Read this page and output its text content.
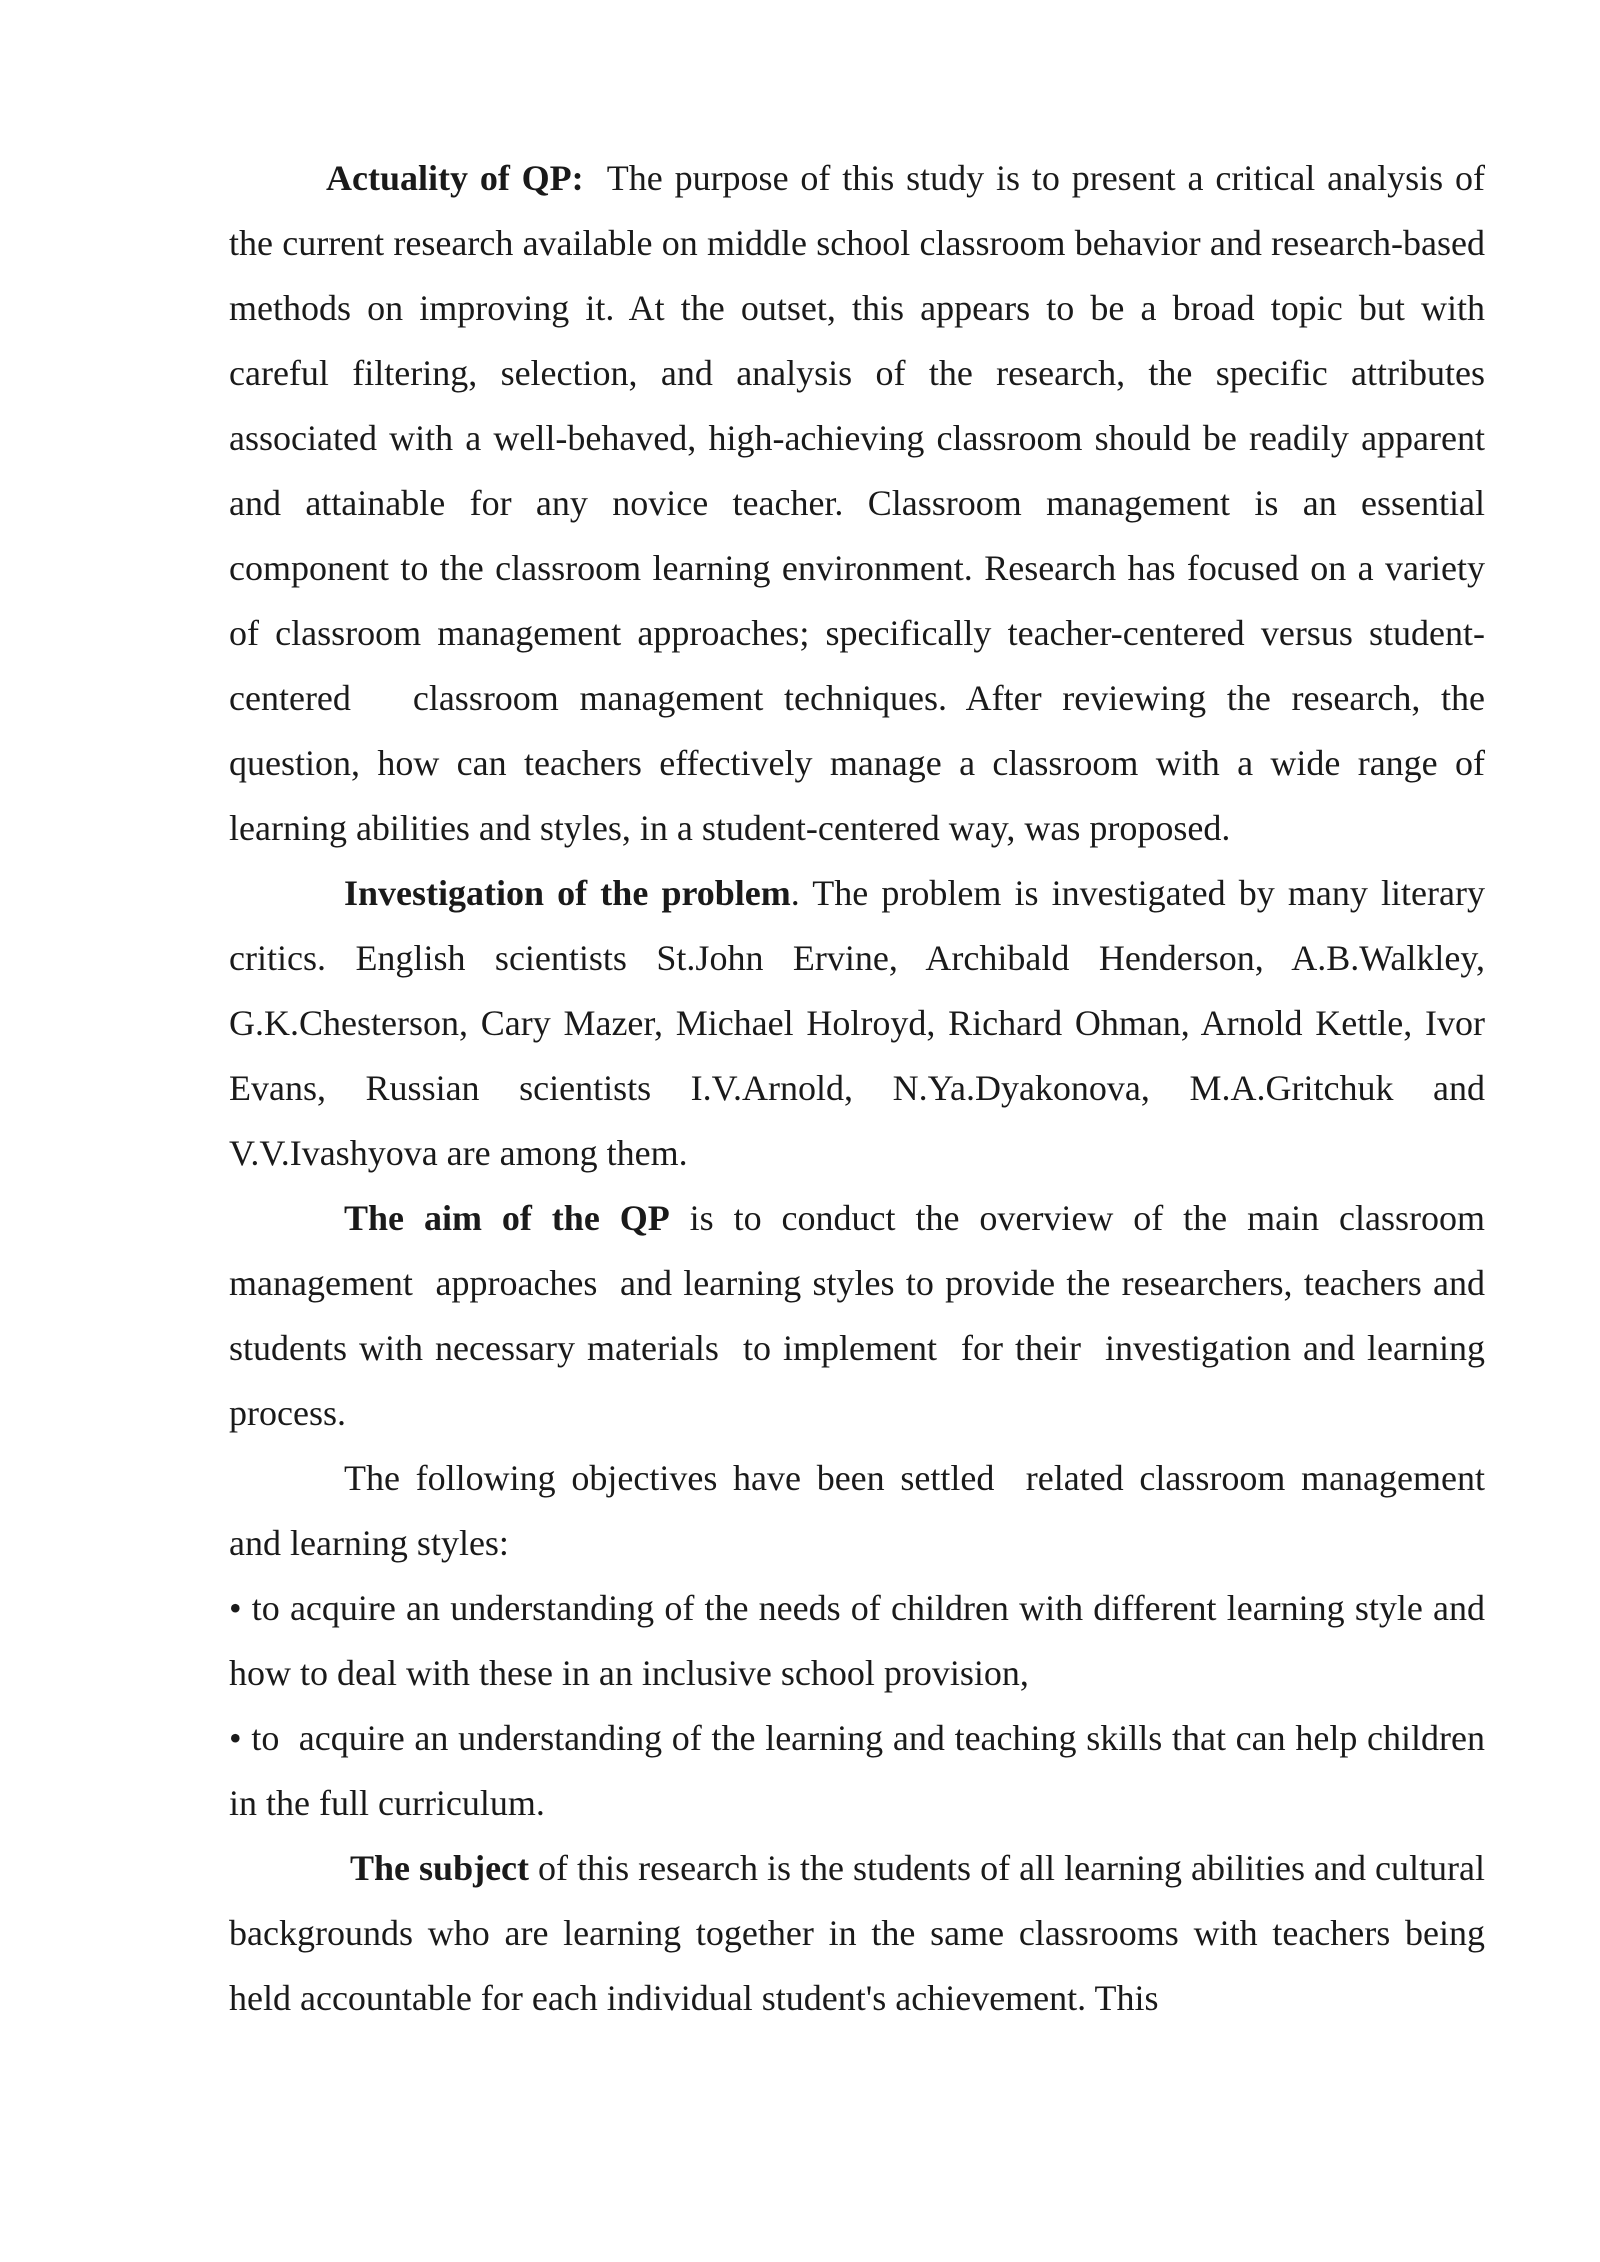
Actuality of QP:  The purpose of this study is to present a critical analysis of the current research available on middle school classroom behavior and research-based methods on improving it. At the outset, this appears to be a broad topic but with careful filtering, selection, and analysis of the research, the specific attributes associated with a well-behaved, high-achieving classroom should be readily apparent and attainable for any novice teacher. Classroom management is an essential component to the classroom learning environment. Research has focused on a variety of classroom management approaches; specifically teacher-centered versus student-centered   classroom management techniques. After reviewing the research, the question, how can teachers effectively manage a classroom with a wide range of learning abilities and styles, in a student-centered way, was proposed.

Investigation of the problem. The problem is investigated by many literary critics. English scientists St.John Ervine, Archibald Henderson, A.B.Walkley, G.K.Chesterson, Cary Mazer, Michael Holroyd, Richard Ohman, Arnold Kettle, Ivor Evans, Russian scientists I.V.Arnold, N.Ya.Dyakonova, M.A.Gritchuk and V.V.Ivashyova are among them.

The aim of the QP is to conduct the overview of the main classroom management  approaches  and learning styles to provide the researchers, teachers and students with necessary materials  to implement  for their  investigation and learning process.

The following objectives have been settled  related classroom management and learning styles:

• to acquire an understanding of the needs of children with different learning style and how to deal with these in an inclusive school provision,

• to  acquire an understanding of the learning and teaching skills that can help children  in the full curriculum.

The subject of this research is the students of all learning abilities and cultural backgrounds who are learning together in the same classrooms with teachers being held accountable for each individual student's achievement. This
